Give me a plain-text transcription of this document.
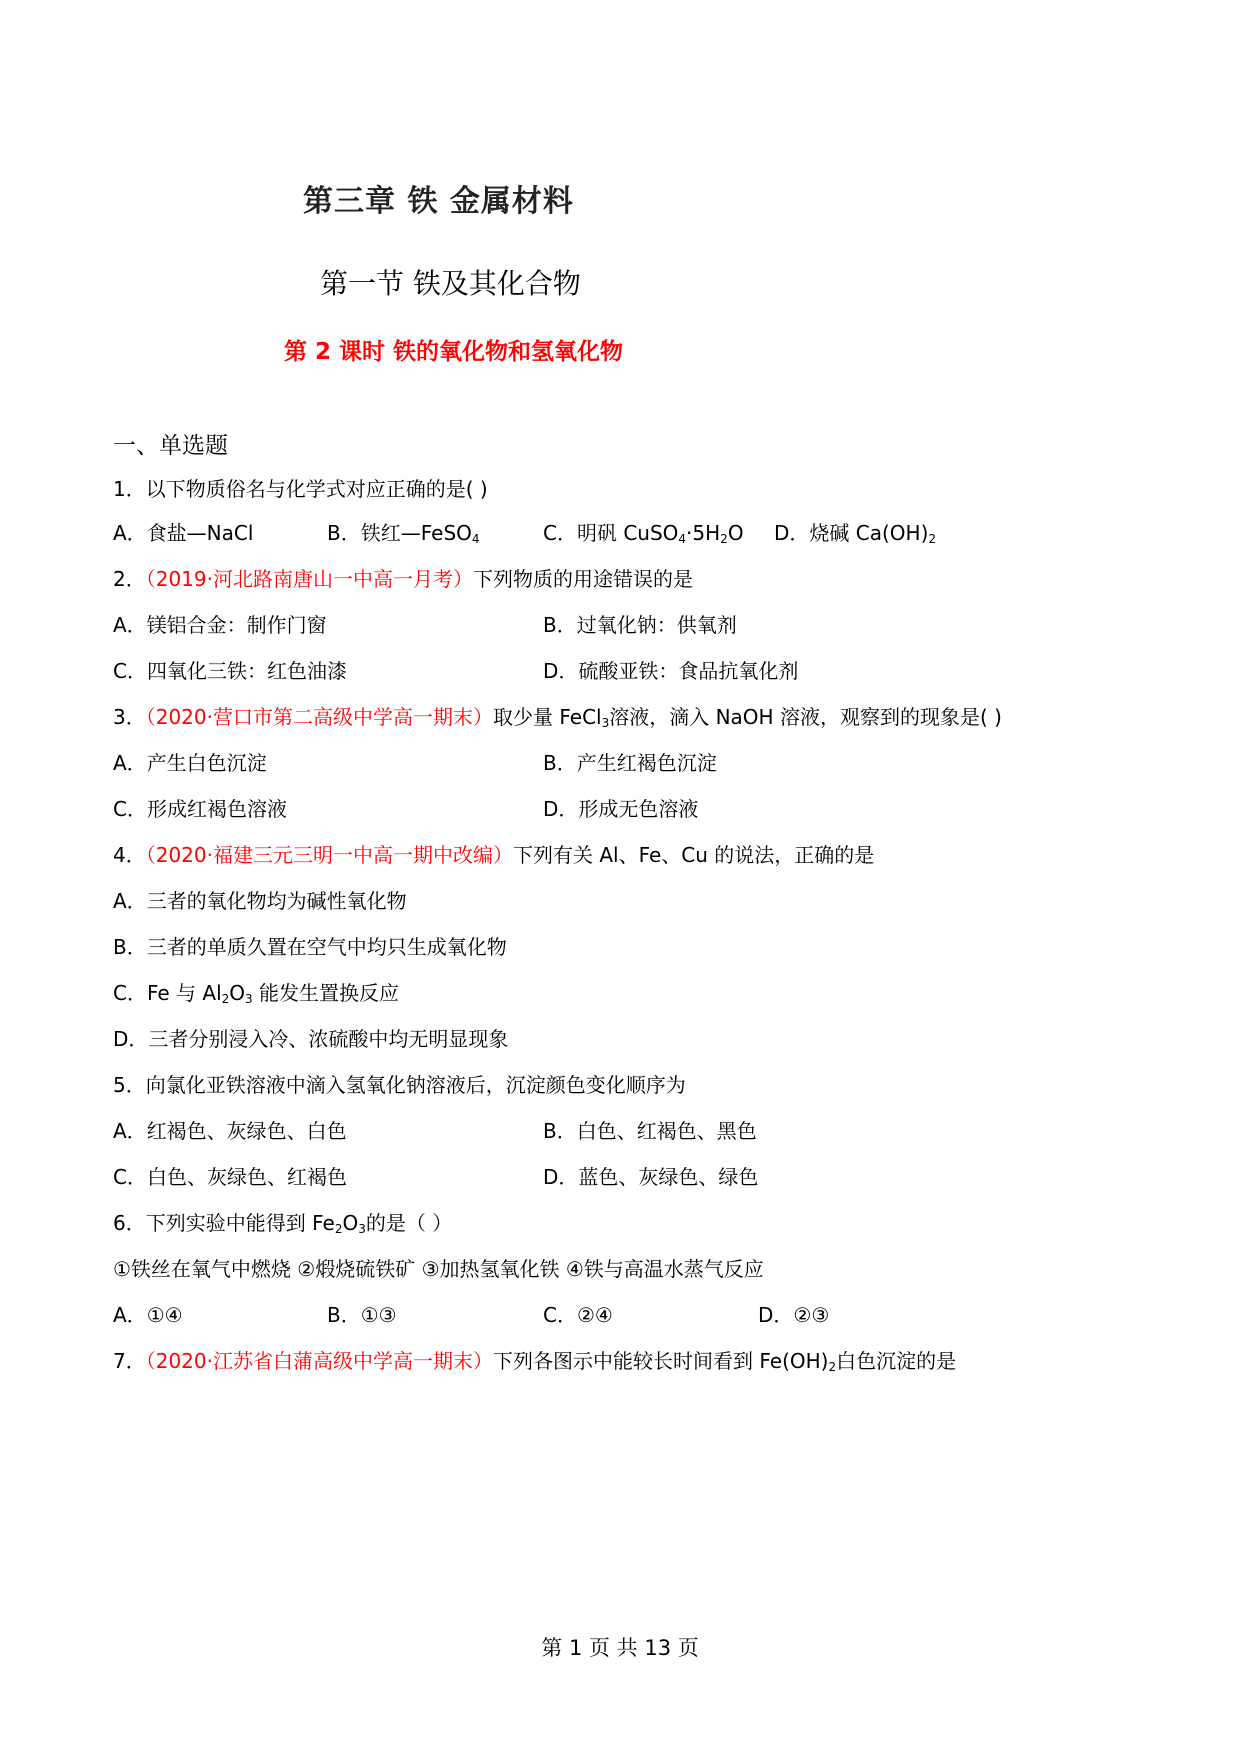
第三章 铁 金属材料
第一节 铁及其化合物
第 2 课时 铁的氧化物和氢氧化物
一、单选题
1．以下物质俗名与化学式对应正确的是( )
A．食盐—NaCl	B．铁红—FeSO$_4$	C．明矾 $CuSO_4\cdot 5H_2O$ D．烧碱 $Ca(OH)_2$
2．（2019·河北路南唐山一中高一月考）下列物质的用途错误的是
A．镁铝合金：制作门窗	B．过氧化钠：供氧剂
C．四氧化三铁：红色油漆	D．硫酸亚铁：食品抗氧化剂
3．（2020·营口市第二高级中学高一期末）取少量 FeCl$_3$溶液，滴入 NaOH 溶液，观察到的现象是( )
A．产生白色沉淀	B．产生红褐色沉淀
C．形成红褐色溶液	D．形成无色溶液
4．（2020·福建三元三明一中高一期中改编）下列有关 Al、Fe、Cu 的说法，正确的是
A．三者的氧化物均为碱性氧化物
B．三者的单质久置在空气中均只生成氧化物
C．Fe 与 $Al_2O_3$ 能发生置换反应
D．三者分别浸入冷、浓硫酸中均无明显现象
5．向氯化亚铁溶液中滴入氢氧化钠溶液后，沉淀颜色变化顺序为
A．红褐色、灰绿色、白色	B．白色、红褐色、黑色
C．白色、灰绿色、红褐色	D．蓝色、灰绿色、绿色
6．下列实验中能得到 $Fe_2O_3$的是（ ）
①铁丝在氧气中燃烧 ②煅烧硫铁矿 ③加热氢氧化铁 ④铁与高温水蒸气反应
A．①④	B．①③	C．②④	D．②③
7．（2020·江苏省白蒲高级中学高一期末）下列各图示中能较长时间看到 $Fe(OH)_2$白色沉淀的是
第 1 页 共 13 页
